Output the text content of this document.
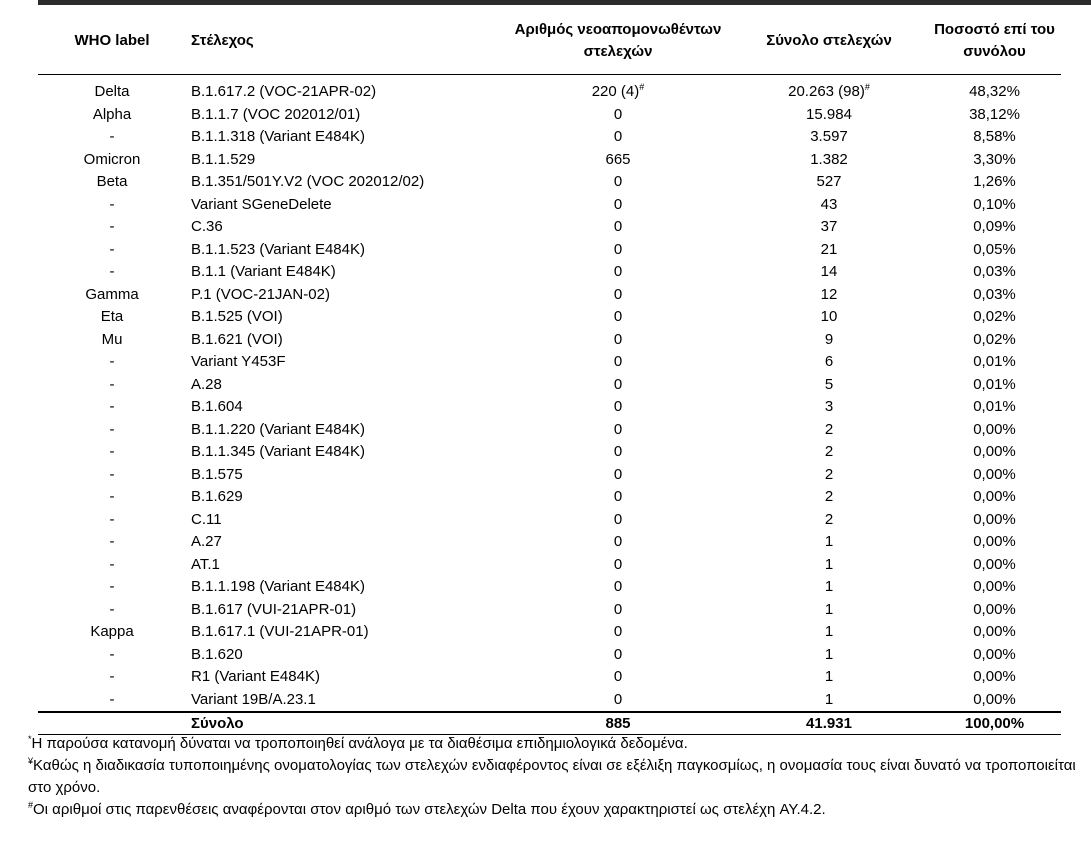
WHO label	Στέλεχος	Αριθμός νεοαπομονωθέντων στελεχών	Σύνολο στελεχών	Ποσοστό επί του συνόλου

Delta	B.1.617.2 (VOC-21APR-02)	220 (4)#	20.263 (98)#	48,32%
Alpha	B.1.1.7 (VOC 202012/01)	0	15.984	38,12%
-	B.1.1.318 (Variant E484K)	0	3.597	8,58%
Omicron	B.1.1.529	665	1.382	3,30%
Beta	B.1.351/501Y.V2 (VOC 202012/02)	0	527	1,26%
-	Variant SGeneDelete	0	43	0,10%
-	C.36	0	37	0,09%
-	B.1.1.523 (Variant E484K)	0	21	0,05%
-	B.1.1 (Variant E484K)	0	14	0,03%
Gamma	P.1 (VOC-21JAN-02)	0	12	0,03%
Eta	B.1.525 (VOI)	0	10	0,02%
Mu	B.1.621 (VOI)	0	9	0,02%
-	Variant Y453F	0	6	0,01%
-	A.28	0	5	0,01%
-	B.1.604	0	3	0,01%
-	B.1.1.220 (Variant E484K)	0	2	0,00%
-	B.1.1.345 (Variant E484K)	0	2	0,00%
-	B.1.575	0	2	0,00%
-	B.1.629	0	2	0,00%
-	C.11	0	2	0,00%
-	A.27	0	1	0,00%
-	AT.1	0	1	0,00%
-	B.1.1.198 (Variant E484K)	0	1	0,00%
-	B.1.617 (VUI-21APR-01)	0	1	0,00%
Kappa	B.1.617.1 (VUI-21APR-01)	0	1	0,00%
-	B.1.620	0	1	0,00%
-	R1 (Variant E484K)	0	1	0,00%
-	Variant 19B/A.23.1	0	1	0,00%
	Σύνολο	885	41.931	100,00%

*Η παρούσα κατανομή δύναται να τροποποιηθεί ανάλογα με τα διαθέσιμα επιδημιολογικά δεδομένα.

¥Καθώς η διαδικασία τυποποιημένης ονοματολογίας των στελεχών ενδιαφέροντος είναι σε εξέλιξη παγκοσμίως, η ονομασία τους είναι δυνατό να τροποποιείται στο χρόνο.

#Οι αριθμοί στις παρενθέσεις αναφέρονται στον αριθμό των στελεχών Delta που έχουν χαρακτηριστεί ως στελέχη AY.4.2.
